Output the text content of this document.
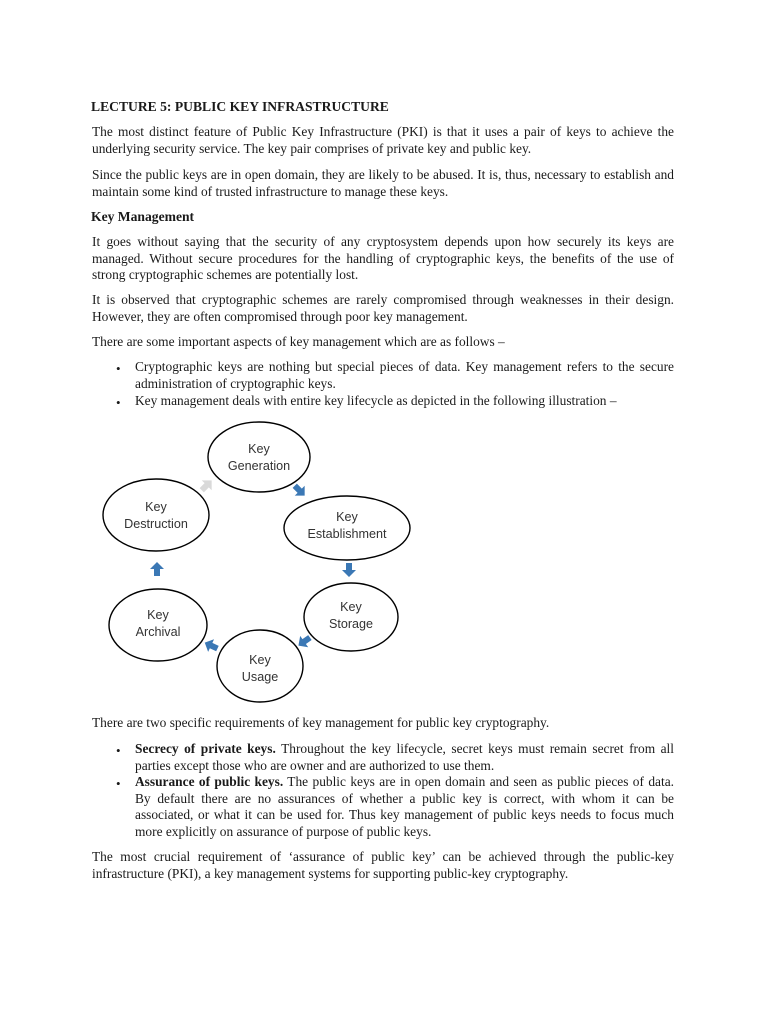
LECTURE 5: PUBLIC KEY INFRASTRUCTURE

The most distinct feature of Public Key Infrastructure (PKI) is that it uses a pair of keys to achieve the underlying security service. The key pair comprises of private key and public key.

Since the public keys are in open domain, they are likely to be abused. It is, thus, necessary to establish and maintain some kind of trusted infrastructure to manage these keys.

Key Management

It goes without saying that the security of any cryptosystem depends upon how securely its keys are managed. Without secure procedures for the handling of cryptographic keys, the benefits of the use of strong cryptographic schemes are potentially lost.

It is observed that cryptographic schemes are rarely compromised through weaknesses in their design. However, they are often compromised through poor key management.

There are some important aspects of key management which are as follows –

•	Cryptographic keys are nothing but special pieces of data. Key management refers to the secure administration of cryptographic keys.

•	Key management deals with entire key lifecycle as depicted in the following illustration –

Key
Generation
Key
Establishment
Key
Storage
Key
Usage
Key
Archival
Key
Destruction

There are two specific requirements of key management for public key cryptography.

•	Secrecy of private keys. Throughout the key lifecycle, secret keys must remain secret from all parties except those who are owner and are authorized to use them.

•	Assurance of public keys. The public keys are in open domain and seen as public pieces of data. By default there are no assurances of whether a public key is correct, with whom it can be associated, or what it can be used for. Thus key management of public keys needs to focus much more explicitly on assurance of purpose of public keys.

The most crucial requirement of ‘assurance of public key’ can be achieved through the public-key infrastructure (PKI), a key management systems for supporting public-key cryptography.
